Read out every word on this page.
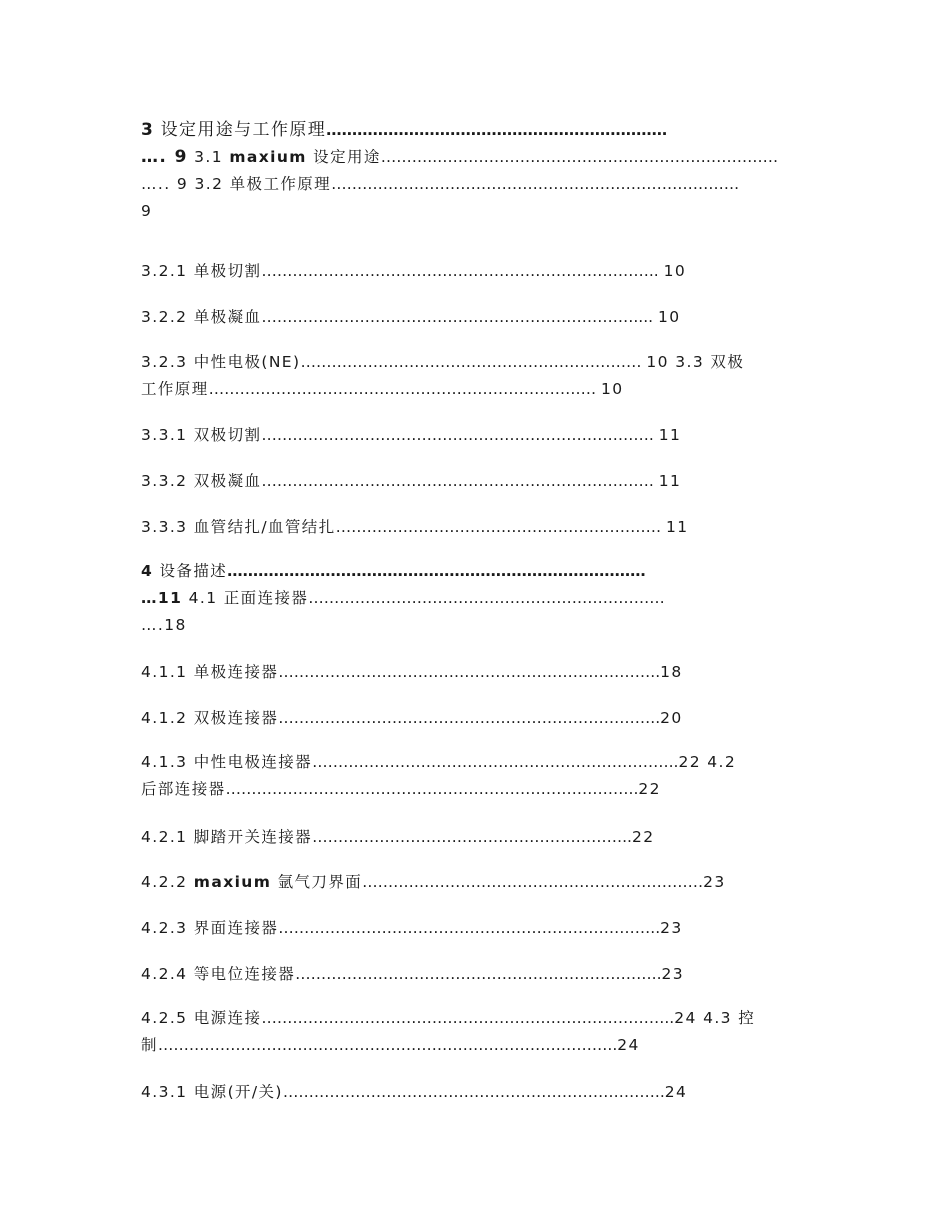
3 设定用途与工作原理…………………………………………………………
…. 9 3.1 maxium 设定用途………..…………………………………………………………
….. 9 3.2 单极工作原理…………………………………………………………………….
9
3.2.1 单极切割………………………………………………………………….. 10
3.2.2 单极凝血……………………………………………………………….... 10
3.2.3 中性电极(NE)………………………………………………………… 10 3.3 双极
工作原理………………………………………………………………… 10
3.3.1 双极切割…………………………………………………………………. 11
3.3.2 双极凝血…………………………………………………………………. 11
3.3.3 血管结扎/血管结扎……………………………………………………… 11
4 设备描述………………………………………………………………………
…11 4.1 正面连接器……………………………………………………………
….18
4.1.1 单极连接器………………………………………………………………..18
4.1.2 双极连接器………………………………………………………………..20
4.1.3 中性电极连接器……………………………………………………………..22 4.2
后部连接器……………………………………………………………………..22
4.2.1 脚踏开关连接器……………………………………………………..22
4.2.2 maxium 氩气刀界面…………………………………………………………23
4.2.3 界面连接器………………………………………………………………..23
4.2.4 等电位连接器……………………………………………………………..23
4.2.5 电源连接……………………………………………………………………..24 4.3 控
制……………………………………………………………………………..24
4.3.1 电源(开/关)………………………………………………………………..24
